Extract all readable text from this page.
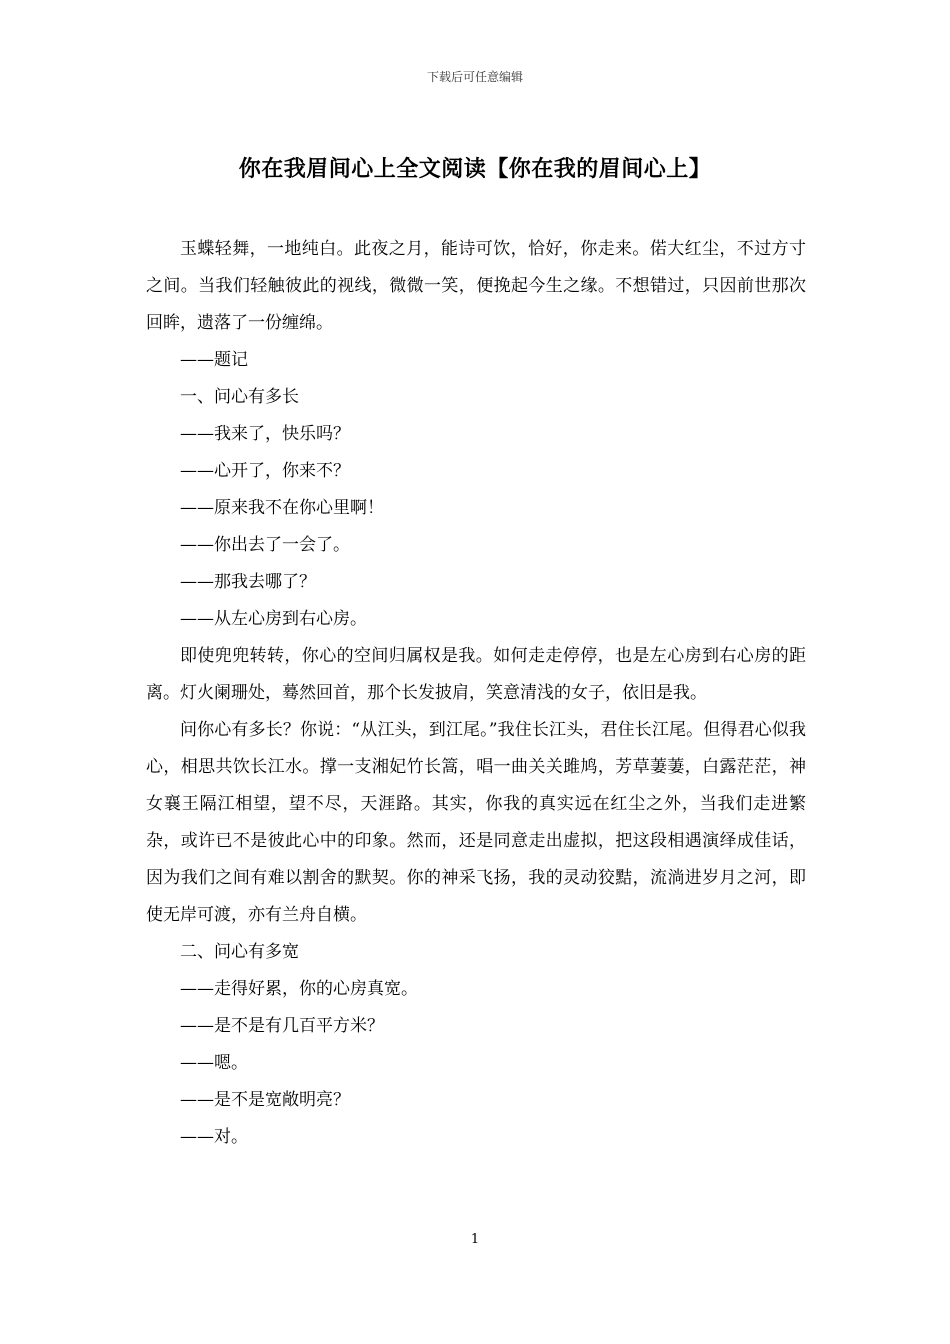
下载后可任意编辑
你在我眉间心上全文阅读【你在我的眉间心上】

玉蝶轻舞，一地纯白。此夜之月，能诗可饮，恰好，你走来。偌大红尘，不过方寸之间。当我们轻触彼此的视线，微微一笑，便挽起今生之缘。不想错过，只因前世那次回眸，遗落了一份缠绵。

——题记

一、问心有多长

——我来了，快乐吗？

——心开了，你来不？

——原来我不在你心里啊！

——你出去了一会了。

——那我去哪了？

——从左心房到右心房。

即使兜兜转转，你心的空间归属权是我。如何走走停停，也是左心房到右心房的距离。灯火阑珊处，蓦然回首，那个长发披肩，笑意清浅的女子，依旧是我。

问你心有多长？你说：“从江头，到江尾。”我住长江头，君住长江尾。但得君心似我心，相思共饮长江水。撑一支湘妃竹长篙，唱一曲关关雎鸠，芳草萋萋，白露茫茫，神女襄王隔江相望，望不尽，天涯路。其实，你我的真实远在红尘之外，当我们走进繁杂，或许已不是彼此心中的印象。然而，还是同意走出虚拟，把这段相遇演绎成佳话，因为我们之间有难以割舍的默契。你的神采飞扬，我的灵动狡黠，流淌进岁月之河，即使无岸可渡，亦有兰舟自横。

二、问心有多宽

——走得好累，你的心房真宽。

——是不是有几百平方米？

——嗯。

——是不是宽敞明亮？

——对。

1
